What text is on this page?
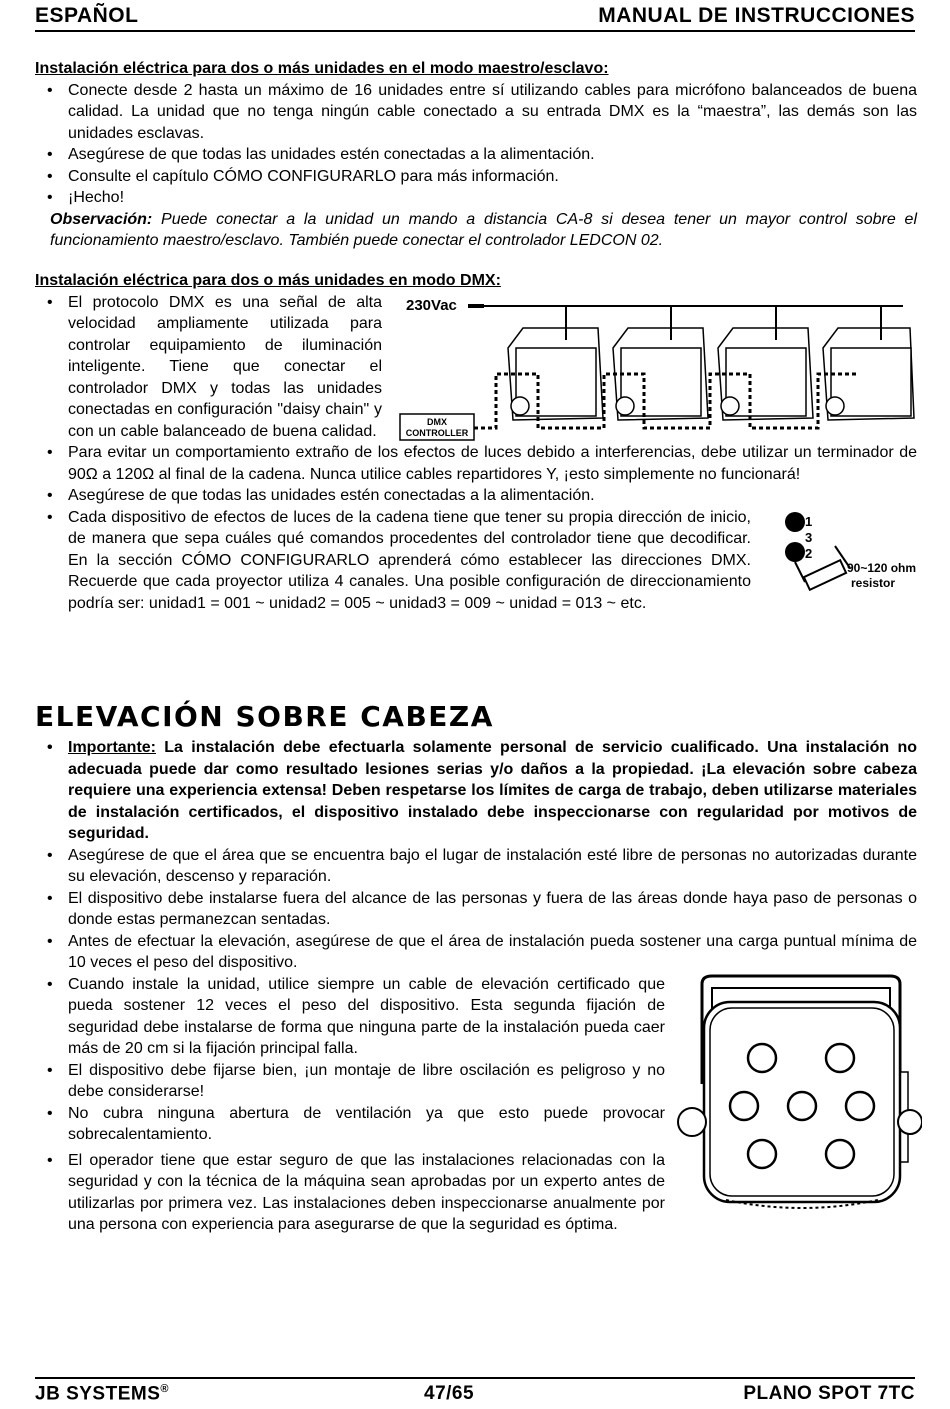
ESPAÑOL	MANUAL DE INSTRUCCIONES

Instalación eléctrica para dos o más unidades en el modo maestro/esclavo:

• Conecte desde 2 hasta un máximo de 16 unidades entre sí utilizando cables para micrófono balanceados de buena calidad. La unidad que no tenga ningún cable conectado a su entrada DMX es la “maestra”, las demás son las unidades esclavas.
• Asegúrese de que todas las unidades estén conectadas a la alimentación.
• Consulte el capítulo CÓMO CONFIGURARLO para más información.
• ¡Hecho!
Observación: Puede conectar a la unidad un mando a distancia CA-8 si desea tener un mayor control sobre el funcionamiento maestro/esclavo. También puede conectar el controlador LEDCON 02.

Instalación eléctrica para dos o más unidades en modo DMX:

• El protocolo DMX es una señal de alta velocidad ampliamente utilizada para controlar equipamiento de iluminación inteligente. Tiene que conectar el controlador DMX y todas las unidades conectadas en configuración "daisy chain" y con un cable balanceado de buena calidad.
• Para evitar un comportamiento extraño de los efectos de luces debido a interferencias, debe utilizar un terminador de 90Ω a 120Ω al final de la cadena. Nunca utilice cables repartidores Y, ¡esto simplemente no funcionará!
• Asegúrese de que todas las unidades estén conectadas a la alimentación.
• Cada dispositivo de efectos de luces de la cadena tiene que tener su propia dirección de inicio, de manera que sepa cuáles qué comandos procedentes del controlador tiene que decodificar. En la sección CÓMO CONFIGURARLO aprenderá cómo establecer las direcciones DMX. Recuerde que cada proyector utiliza 4 canales. Una posible configuración de direccionamiento podría ser: unidad1 = 001 ~ unidad2 = 005 ~ unidad3 = 009 ~ unidad = 013 ~ etc.
230Vac
DMX
CONTROLLER
1
3
2
90~120 ohm
resistor
ELEVACIÓN SOBRE CABEZA
• Importante: La instalación debe efectuarla solamente personal de servicio cualificado. Una instalación no adecuada puede dar como resultado lesiones serias y/o daños a la propiedad. ¡La elevación sobre cabeza requiere una experiencia extensa! Deben respetarse los límites de carga de trabajo, deben utilizarse materiales de instalación certificados, el dispositivo instalado debe inspeccionarse con regularidad por motivos de seguridad.
• Asegúrese de que el área que se encuentra bajo el lugar de instalación esté libre de personas no autorizadas durante su elevación, descenso y reparación.
• El dispositivo debe instalarse fuera del alcance de las personas y fuera de las áreas donde haya paso de personas o donde estas permanezcan sentadas.
• Antes de efectuar la elevación, asegúrese de que el área de instalación pueda sostener una carga puntual mínima de 10 veces el peso del dispositivo.
• Cuando instale la unidad, utilice siempre un cable de elevación certificado que pueda sostener 12 veces el peso del dispositivo. Esta segunda fijación de seguridad debe instalarse de forma que ninguna parte de la instalación pueda caer más de 20 cm si la fijación principal falla.
• El dispositivo debe fijarse bien, ¡un montaje de libre oscilación es peligroso y no debe considerarse!
• No cubra ninguna abertura de ventilación ya que esto puede provocar sobrecalentamiento.
• El operador tiene que estar seguro de que las instalaciones relacionadas con la seguridad y con la técnica de la máquina sean aprobadas por un experto antes de utilizarlas por primera vez. Las instalaciones deben inspeccionarse anualmente por una persona con experiencia para asegurarse de que la seguridad es óptima.
JB SYSTEMS®	47/65	PLANO SPOT 7TC
